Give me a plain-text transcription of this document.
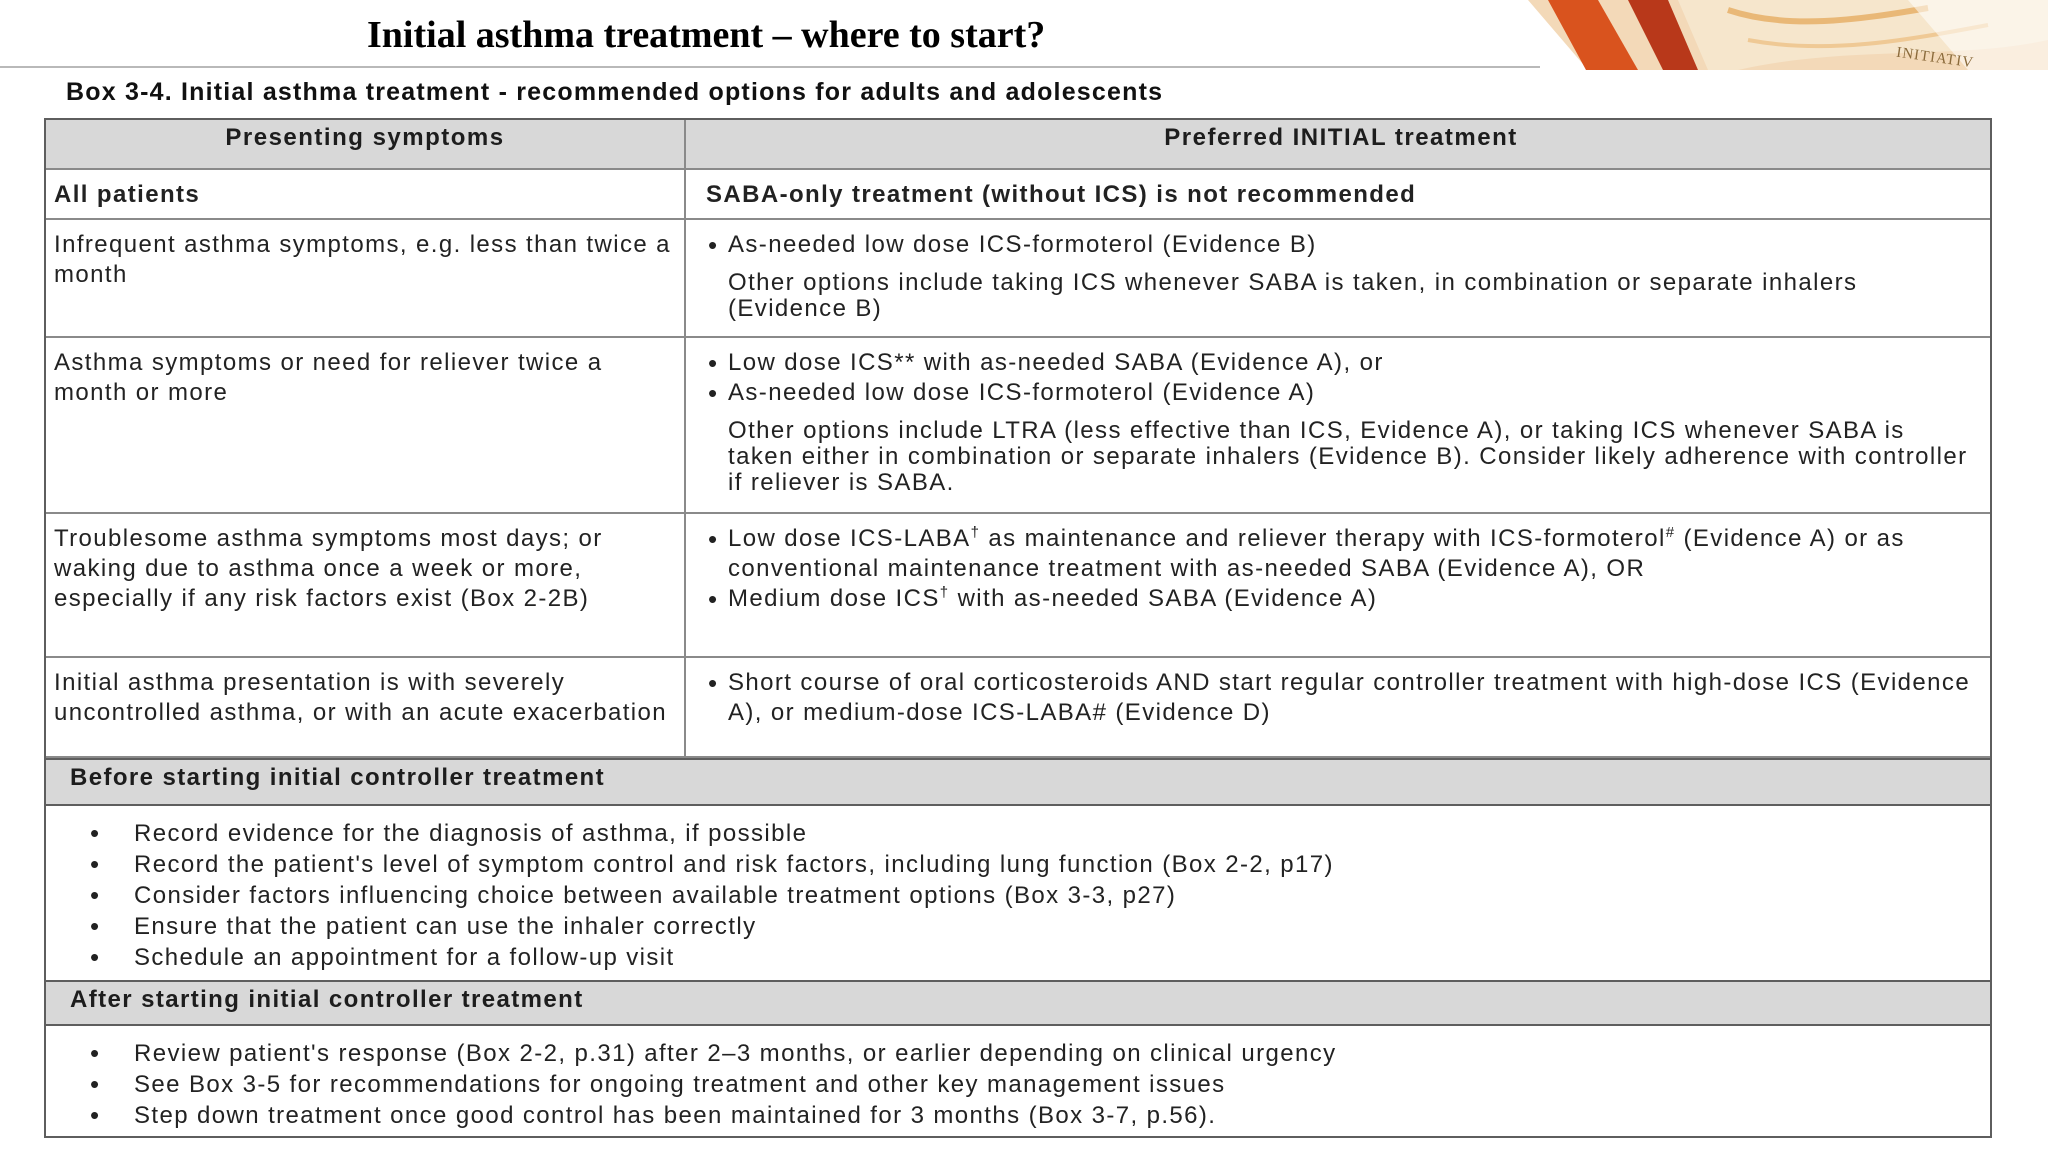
Initial asthma treatment – where to start?
INITIATIV
Box 3-4. Initial asthma treatment - recommended options for adults and adolescents
Presenting symptoms	Preferred INITIAL treatment
All patients	SABA-only treatment (without ICS) is not recommended
Infrequent asthma symptoms, e.g. less than twice a month
• As-needed low dose ICS-formoterol (Evidence B)
Other options include taking ICS whenever SABA is taken, in combination or separate inhalers (Evidence B)
Asthma symptoms or need for reliever twice a month or more
• Low dose ICS** with as-needed SABA (Evidence A), or
• As-needed low dose ICS-formoterol (Evidence A)
Other options include LTRA (less effective than ICS, Evidence A), or taking ICS whenever SABA is taken either in combination or separate inhalers (Evidence B). Consider likely adherence with controller if reliever is SABA.
Troublesome asthma symptoms most days; or waking due to asthma once a week or more, especially if any risk factors exist (Box 2-2B)
• Low dose ICS-LABA† as maintenance and reliever therapy with ICS-formoterol# (Evidence A) or as conventional maintenance treatment with as-needed SABA (Evidence A), OR
• Medium dose ICS† with as-needed SABA (Evidence A)
Initial asthma presentation is with severely uncontrolled asthma, or with an acute exacerbation
• Short course of oral corticosteroids AND start regular controller treatment with high-dose ICS (Evidence A), or medium-dose ICS-LABA# (Evidence D)
Before starting initial controller treatment
• Record evidence for the diagnosis of asthma, if possible
• Record the patient's level of symptom control and risk factors, including lung function (Box 2-2, p17)
• Consider factors influencing choice between available treatment options (Box 3-3, p27)
• Ensure that the patient can use the inhaler correctly
• Schedule an appointment for a follow-up visit
After starting initial controller treatment
• Review patient's response (Box 2-2, p.31) after 2–3 months, or earlier depending on clinical urgency
• See Box 3-5 for recommendations for ongoing treatment and other key management issues
• Step down treatment once good control has been maintained for 3 months (Box 3-7, p.56).
